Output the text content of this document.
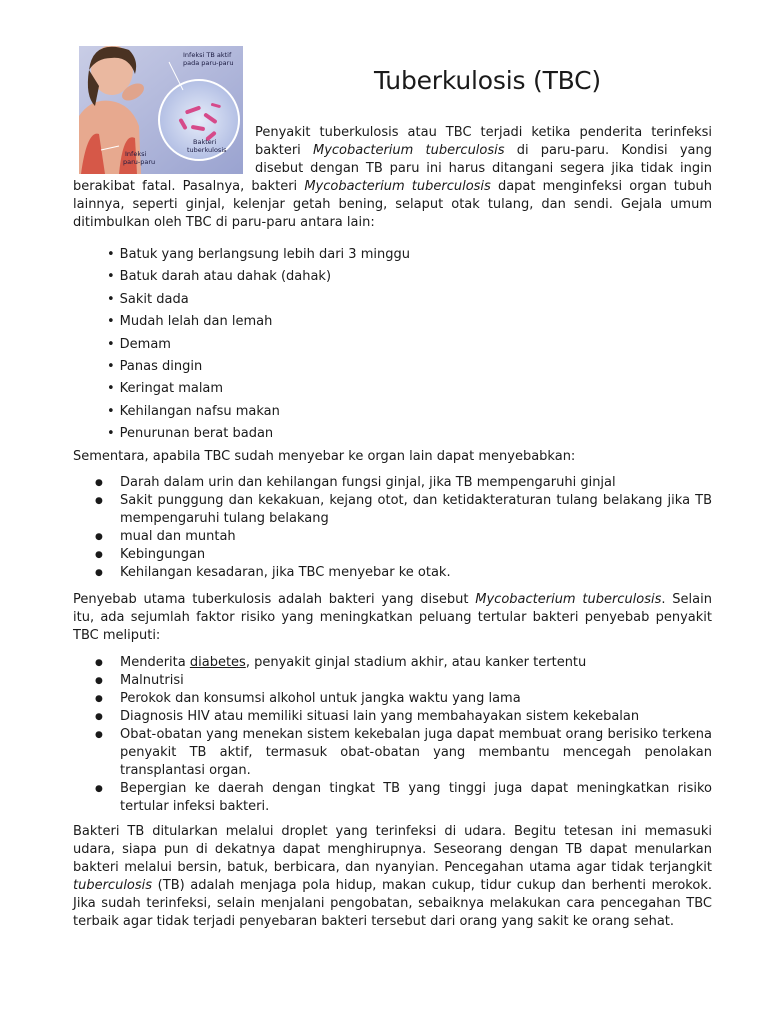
Infeksi TB aktif pada paru-paru
Bakteri tuberkulosis
Infeksi paru-paru
Tuberkulosis (TBC)

Penyakit tuberkulosis atau TBC terjadi ketika penderita terinfeksi bakteri Mycobacterium tuberculosis di paru-paru. Kondisi yang disebut dengan TB paru ini harus ditangani segera jika tidak ingin berakibat fatal. Pasalnya, bakteri Mycobacterium tuberculosis dapat menginfeksi organ tubuh lainnya, seperti ginjal, kelenjar getah bening, selaput otak tulang, dan sendi. Gejala umum ditimbulkan oleh TBC di paru-paru antara lain:
• Batuk yang berlangsung lebih dari 3 minggu
• Batuk darah atau dahak (dahak)
• Sakit dada
• Mudah lelah dan lemah
• Demam
• Panas dingin
• Keringat malam
• Kehilangan nafsu makan
• Penurunan berat badan

Sementara, apabila TBC sudah menyebar ke organ lain dapat menyebabkan:

● Darah dalam urin dan kehilangan fungsi ginjal, jika TB mempengaruhi ginjal
● Sakit punggung dan kekakuan, kejang otot, dan ketidakteraturan tulang belakang jika TB mempengaruhi tulang belakang
● mual dan muntah
● Kebingungan
● Kehilangan kesadaran, jika TBC menyebar ke otak.

Penyebab utama tuberkulosis adalah bakteri yang disebut Mycobacterium tuberculosis. Selain itu, ada sejumlah faktor risiko yang meningkatkan peluang tertular bakteri penyebab penyakit TBC meliputi:

● Menderita diabetes, penyakit ginjal stadium akhir, atau kanker tertentu
● Malnutrisi
● Perokok dan konsumsi alkohol untuk jangka waktu yang lama
● Diagnosis HIV atau memiliki situasi lain yang membahayakan sistem kekebalan
● Obat-obatan yang menekan sistem kekebalan juga dapat membuat orang berisiko terkena penyakit TB aktif, termasuk obat-obatan yang membantu mencegah penolakan transplantasi organ.
● Bepergian ke daerah dengan tingkat TB yang tinggi juga dapat meningkatkan risiko tertular infeksi bakteri.

Bakteri TB ditularkan melalui droplet yang terinfeksi di udara. Begitu tetesan ini memasuki udara, siapa pun di dekatnya dapat menghirupnya. Seseorang dengan TB dapat menularkan bakteri melalui bersin, batuk, berbicara, dan nyanyian. Pencegahan utama agar tidak terjangkit tuberculosis (TB) adalah menjaga pola hidup, makan cukup, tidur cukup dan berhenti merokok. Jika sudah terinfeksi, selain menjalani pengobatan, sebaiknya melakukan cara pencegahan TBC terbaik agar tidak terjadi penyebaran bakteri tersebut dari orang yang sakit ke orang sehat.
